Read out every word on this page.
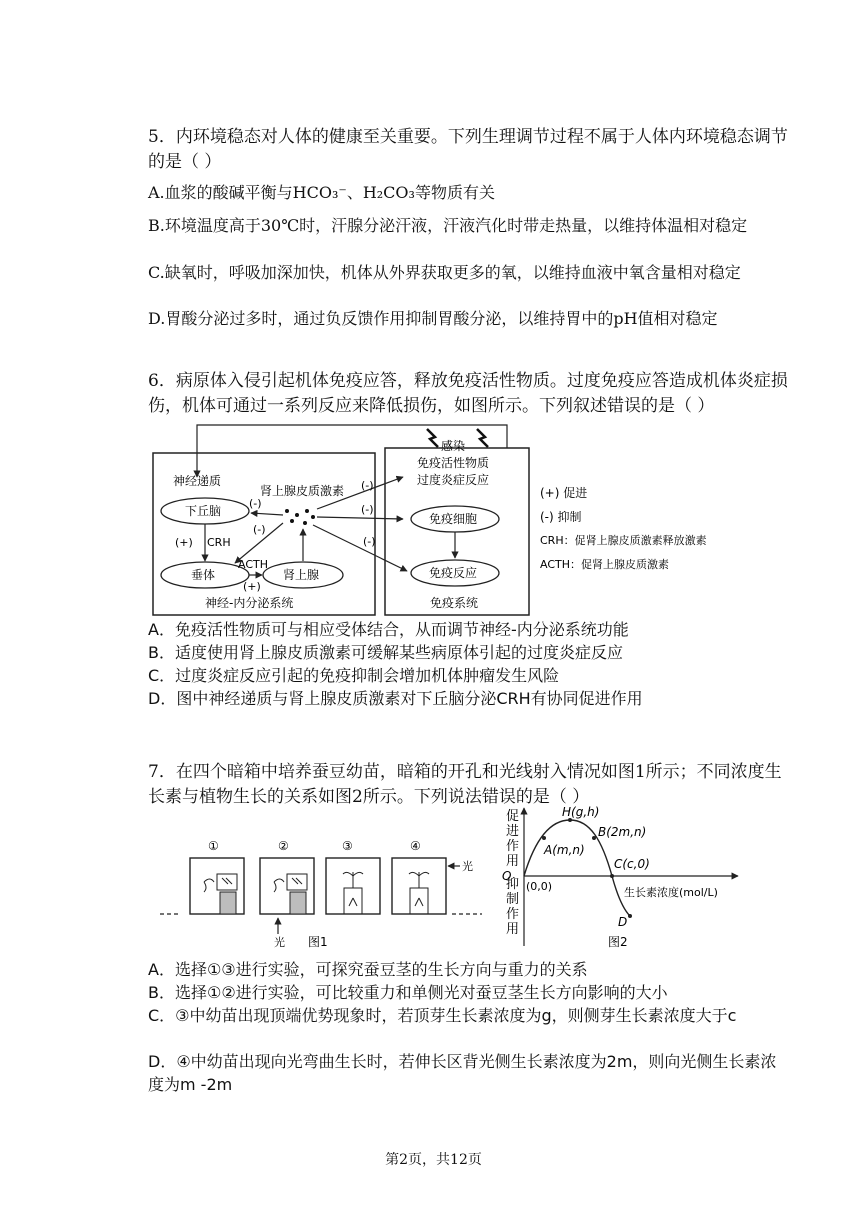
5．内环境稳态对人体的健康至关重要。下列生理调节过程不属于人体内环境稳态调节的是（ ）
A.血浆的酸碱平衡与HCO₃⁻、H₂CO₃等物质有关
B.环境温度高于30℃时，汗腺分泌汗液，汗液汽化时带走热量，以维持体温相对稳定
C.缺氧时，呼吸加深加快，机体从外界获取更多的氧，以维持血液中氧含量相对稳定
D.胃酸分泌过多时，通过负反馈作用抑制胃酸分泌，以维持胃中的pH值相对稳定
6．病原体入侵引起机体免疫应答，释放免疫活性物质。过度免疫应答造成机体炎症损伤，机体可通过一系列反应来降低损伤，如图所示。下列叙述错误的是（ ）
感染
神经递质
肾上腺皮质激素
下丘脑
垂体	肾上腺
(+) CRH
ACTH
(+)
(-)
(-)
(-)
(-)
(-)
免疫活性物质
过度炎症反应
免疫细胞
免疫反应
神经-内分泌系统	免疫系统
(+) 促进
(-) 抑制
CRH：促肾上腺皮质激素释放激素
ACTH：促肾上腺皮质激素
A．免疫活性物质可与相应受体结合，从而调节神经-内分泌系统功能
B．适度使用肾上腺皮质激素可缓解某些病原体引起的过度炎症反应
C．过度炎症反应引起的免疫抑制会增加机体肿瘤发生风险
D．图中神经递质与肾上腺皮质激素对下丘脑分泌CRH有协同促进作用
7．在四个暗箱中培养蚕豆幼苗，暗箱的开孔和光线射入情况如图1所示；不同浓度生长素与植物生长的关系如图2所示。下列说法错误的是（ ）
①	②
光
③	④
光
图1
促进作用
抑制作用
O
(0,0)
H(g,h)
A(m,n)
B(2m,n)
C(c,0)
D
生长素浓度(mol/L)
图2
A．选择①③进行实验，可探究蚕豆茎的生长方向与重力的关系
B．选择①②进行实验，可比较重力和单侧光对蚕豆茎生长方向影响的大小
C．③中幼苗出现顶端优势现象时，若顶芽生长素浓度为g，则侧芽生长素浓度大于c
D．④中幼苗出现向光弯曲生长时，若伸长区背光侧生长素浓度为2m，则向光侧生长素浓度为m -2m
第2页，共12页
